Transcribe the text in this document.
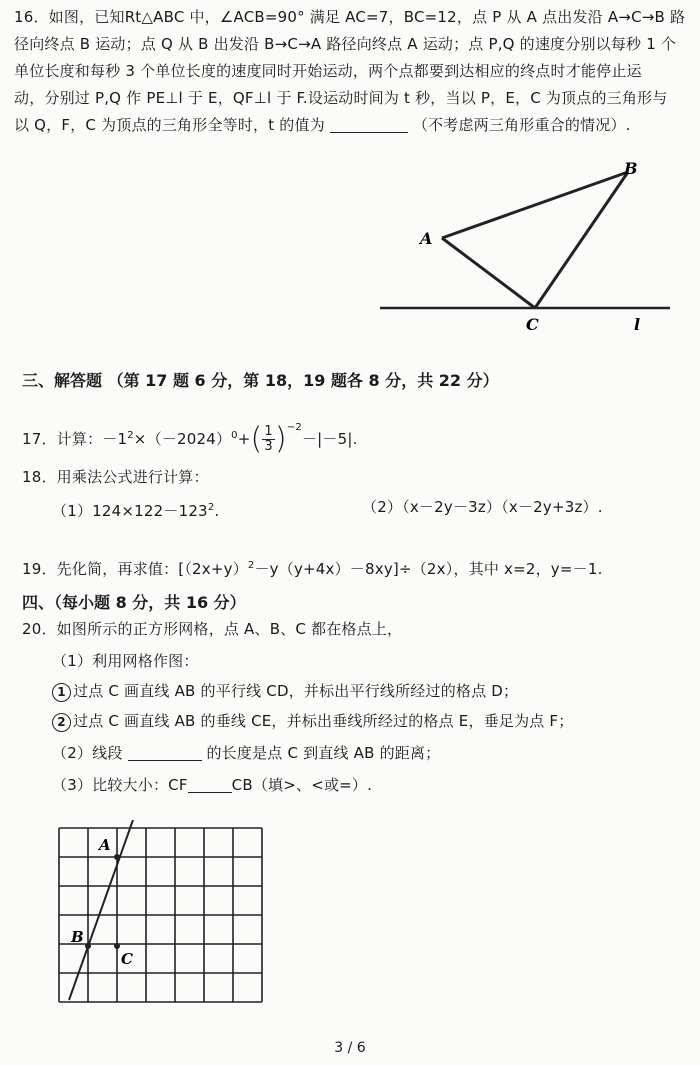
16．如图，已知Rt△ABC 中，∠ACB=90° 满足 AC=7，BC=12，点 P 从 A 点出发沿 A→C→B 路
径向终点 B 运动；点 Q 从 B 出发沿 B→C→A 路径向终点 A 运动；点 P,Q 的速度分别以每秒 1 个
单位长度和每秒 3 个单位长度的速度同时开始运动，两个点都要到达相应的终点时才能停止运
动，分别过 P,Q 作 PE⊥l 于 E，QF⊥l 于 F.设运动时间为 t 秒，当以 P，E，C 为顶点的三角形与
以 Q，F，C 为顶点的三角形全等时，t 的值为	（不考虑两三角形重合的情况）.
A
B
C	l
三、解答题 （第 17 题 6 分，第 18，19 题各 8 分，共 22 分）
17．计算：$-1^2\times(-2024)^0+( \frac{1}{3} )^{-2}-|-5|$.
18．用乘法公式进行计算：
$(1)124\times 122-123^2$.	（2）（x－2y－3z）（x－2y+3z）.
19．先化简，再求值：$[(2x+y)^2-y(y+4x)-8xy]\div(2x)$，其中 x=2，y=－1.
四、（每小题 8 分，共 16 分）
20．如图所示的正方形网格，点 A、B、C 都在格点上，
（1）利用网格作图：
1 过点 C 画直线 AB 的平行线 CD，并标出平行线所经过的格点 D；
2 过点 C 画直线 AB 的垂线 CE，并标出垂线所经过的格点 E，垂足为点 F；
（2）线段	的长度是点 C 到直线 AB 的距离；
（3）比较大小：CF	CB（填>、<或=）.
A
B
C
3 / 6
